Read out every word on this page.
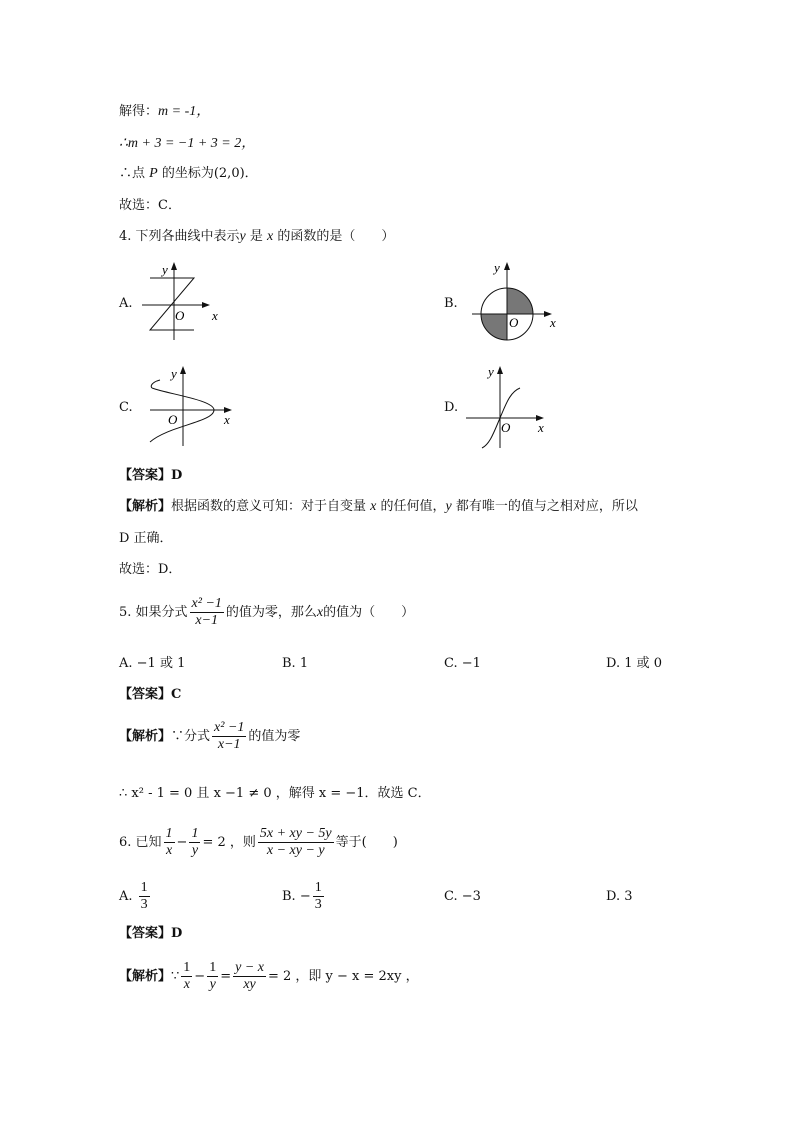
解得：m = -1，
∴m + 3 = −1 + 3 = 2，
∴点 P 的坐标为(2,0)．
故选：C．
4. 下列各曲线中表示y 是 x 的函数的是（　　）
A.	B.
C.	D.
y
O x
y
O x
y
O	x
y
O x
【答案】D
【解析】根据函数的意义可知：对于自变量 x 的任何值，y 都有唯一的值与之相对应，所以
D 正确．
故选：D．
5. 如果分式 $\frac{\text{x² −1}}{x-1}$ 的值为零，那么x的值为（　　）
A. −1 或 1	B. 1	C. −1	D. 1 或 0
【答案】C
【解析】∵分式 $\frac{\text{x² −1}}{x-1}$ 的值为零
∴ x² - 1 = 0 且 x −1 ≠ 0 ，解得 x = −1．故选 C．
6. 已知 $\frac{1}{x} - \frac{1}{y} = 2$ ，则 $\frac{5x + xy - 5y}{x - xy - y}$ 等于(　　)
A. $\frac{1}{3}$	B. − $\frac{1}{3}$	C. −3	D. 3
【答案】D
【解析】∵ $\frac{1}{x} - \frac{1}{y} = \frac{y - x}{xy} = 2$ ，即 y − x = 2xy ，
